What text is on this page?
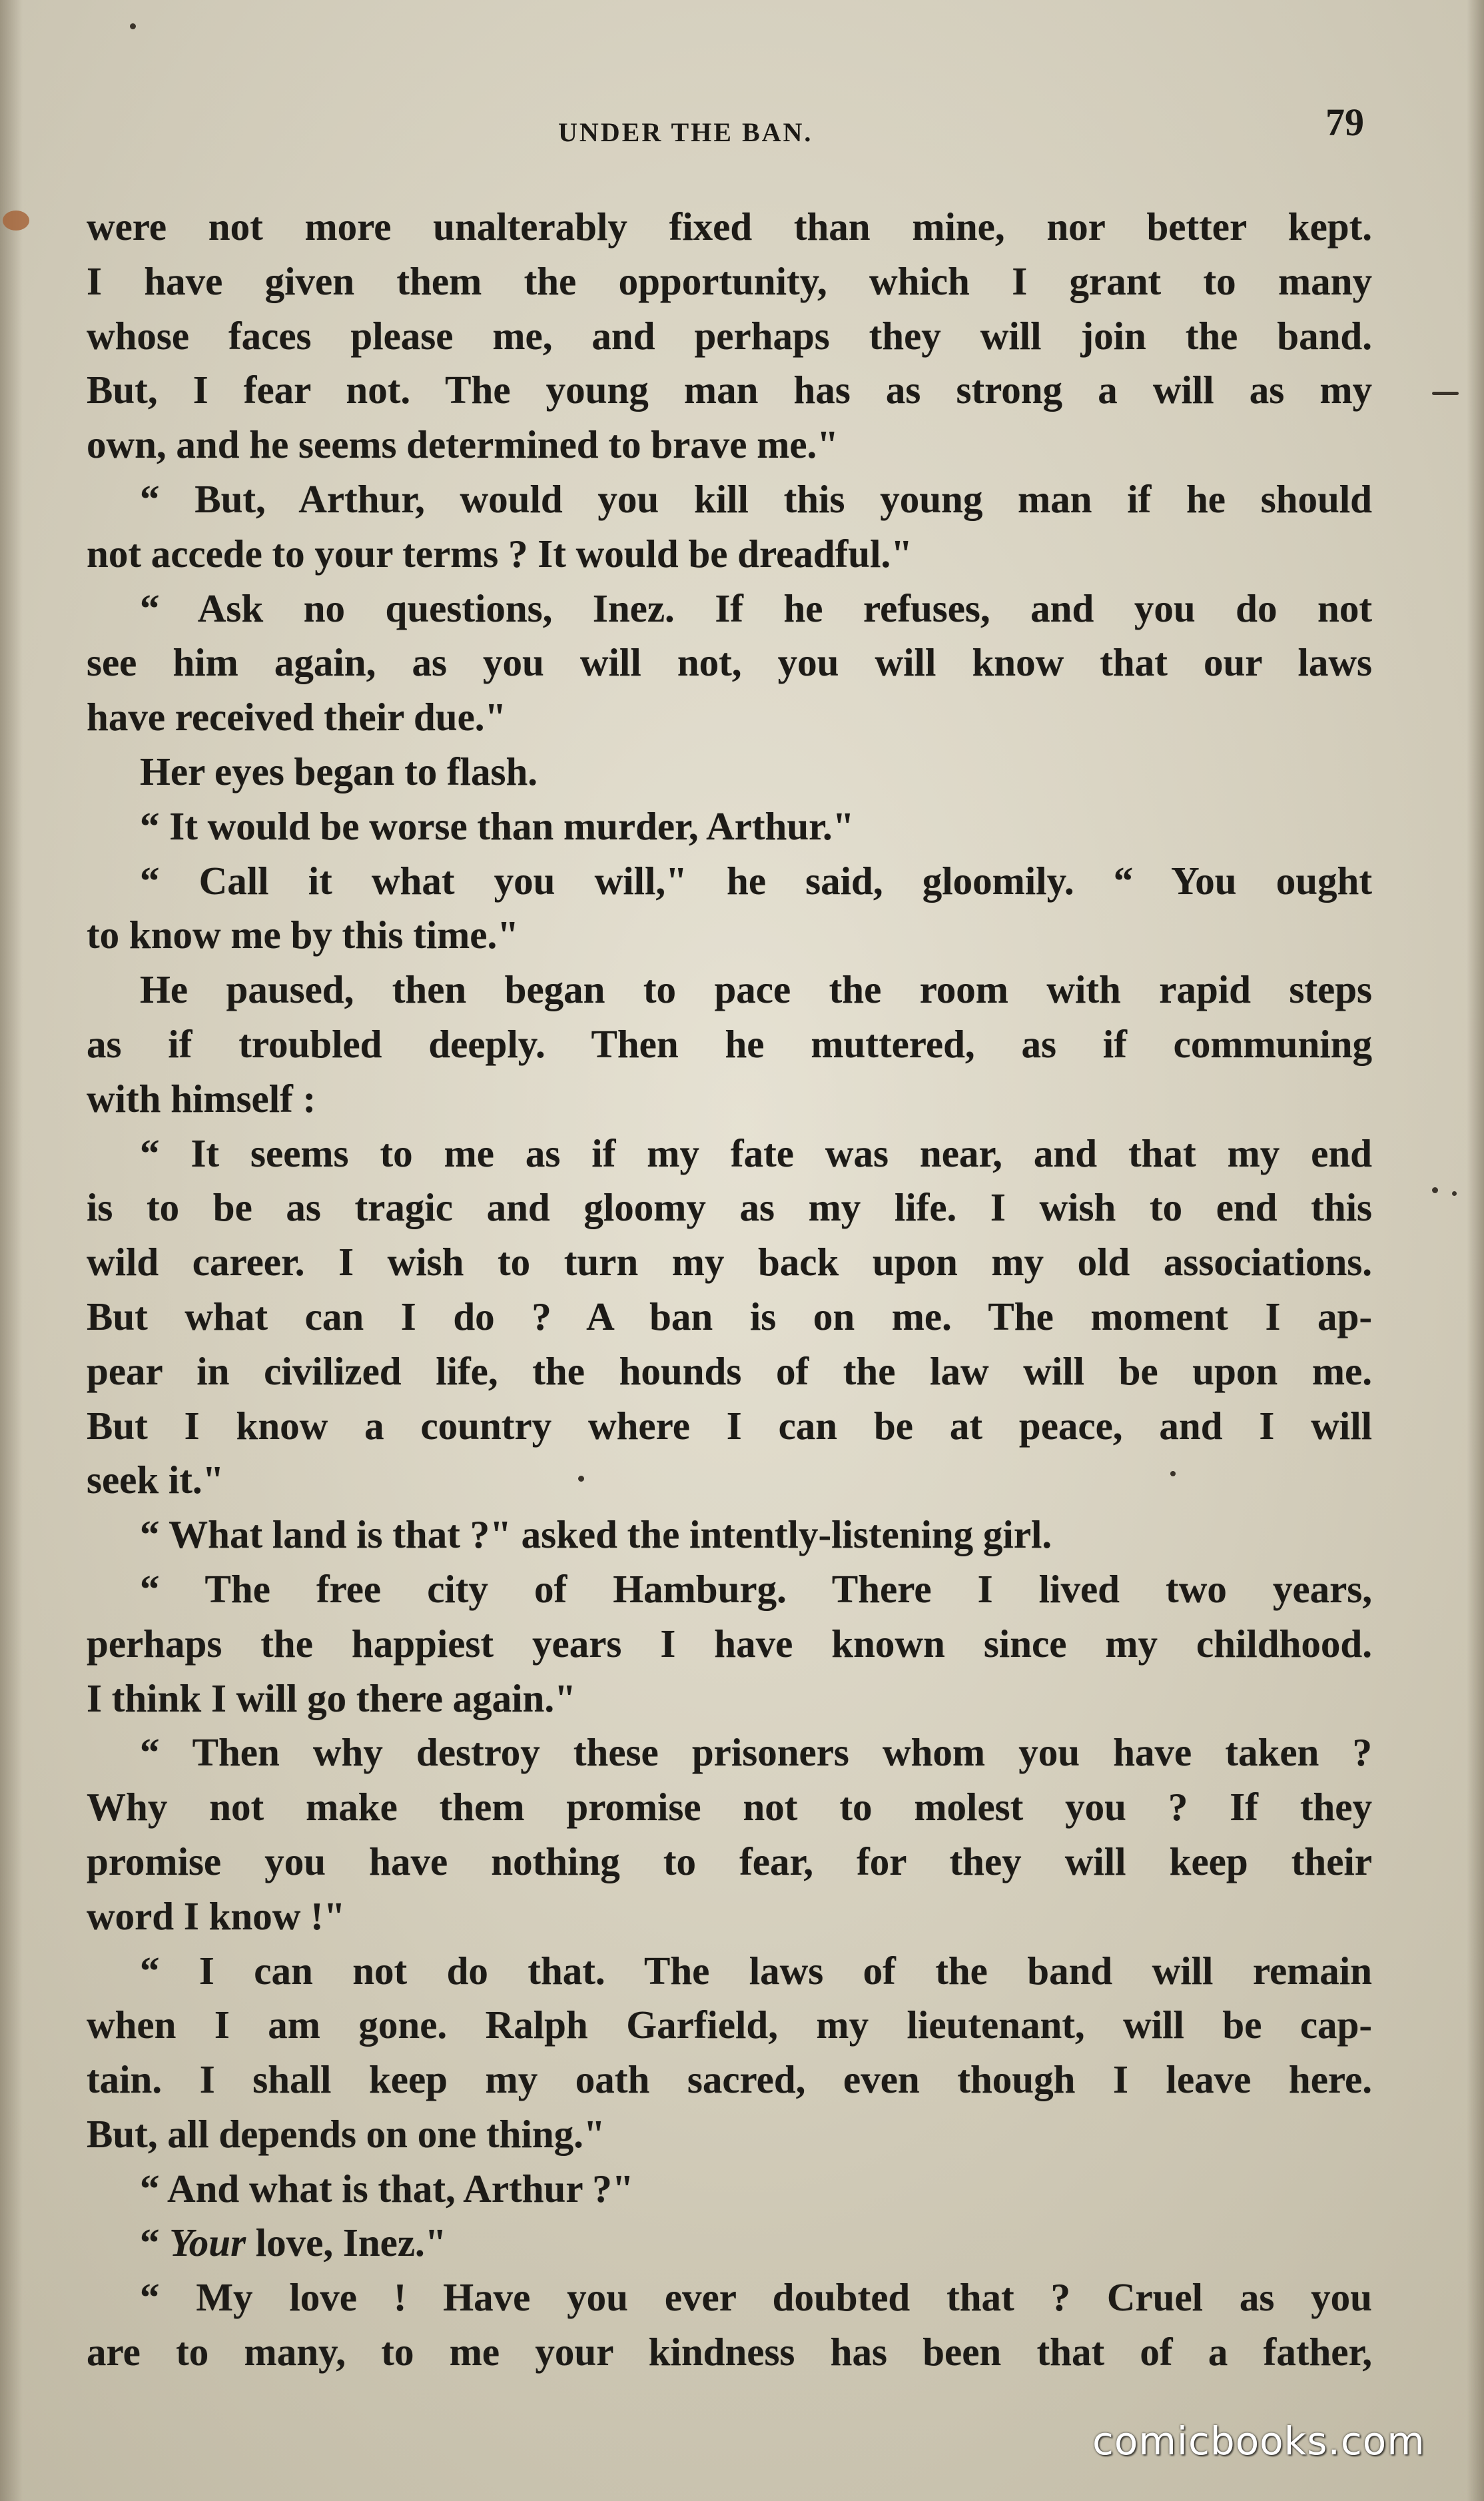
UNDER THE BAN.	79
were not more unalterably fixed than mine, nor better kept.
I have given them the opportunity, which I grant to many
whose faces please me, and perhaps they will join the band.
But, I fear not. The young man has as strong a will as my
own, and he seems determined to brave me."
“ But, Arthur, would you kill this young man if he should
not accede to your terms ? It would be dreadful."
“ Ask no questions, Inez. If he refuses, and you do not
see him again, as you will not, you will know that our laws
have received their due."
Her eyes began to flash.
“ It would be worse than murder, Arthur."
“ Call it what you will," he said, gloomily. “ You ought
to know me by this time."
He paused, then began to pace the room with rapid steps
as if troubled deeply. Then he muttered, as if communing
with himself :
“ It seems to me as if my fate was near, and that my end
is to be as tragic and gloomy as my life. I wish to end this
wild career. I wish to turn my back upon my old associations.
But what can I do ? A ban is on me. The moment I ap-
pear in civilized life, the hounds of the law will be upon me.
But I know a country where I can be at peace, and I will
seek it."
“ What land is that ?" asked the intently-listening girl.
“ The free city of Hamburg. There I lived two years,
perhaps the happiest years I have known since my childhood.
I think I will go there again."
“ Then why destroy these prisoners whom you have taken ?
Why not make them promise not to molest you ? If they
promise you have nothing to fear, for they will keep their
word I know !"
“ I can not do that. The laws of the band will remain
when I am gone. Ralph Garfield, my lieutenant, will be cap-
tain. I shall keep my oath sacred, even though I leave here.
But, all depends on one thing."
“ And what is that, Arthur ?"
“ Your love, Inez."
“ My love ! Have you ever doubted that ? Cruel as you
are to many, to me your kindness has been that of a father,
comicbooks.com
